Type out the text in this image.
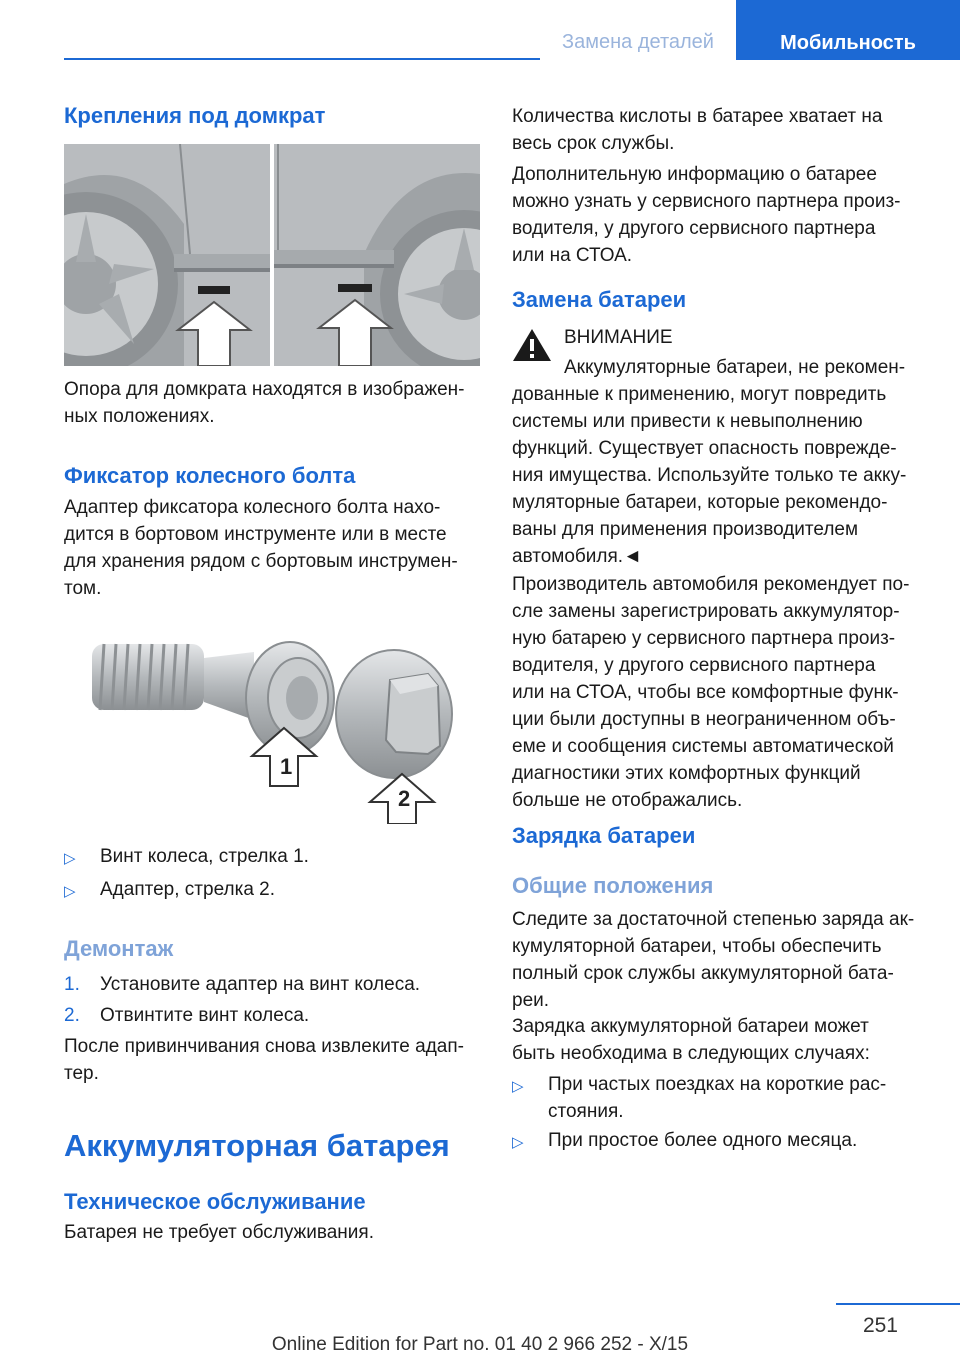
Замена деталей	Мобильность
Крепления под домкрат

Опора для домкрата находятся в изображен‐
ных положениях.

Фиксатор колесного болта

Адаптер фиксатора колесного болта нахо‐
дится в бортовом инструменте или в месте
для хранения рядом с бортовым инструмен‐
том.

1
2

▷ Винт колеса, стрелка 1.

▷ Адаптер, стрелка 2.

Демонтаж

1. Установите адаптер на винт колеса.

2. Отвинтите винт колеса.

После привинчивания снова извлеките адап‐
тер.

Аккумуляторная батарея
Техническое обслуживание

Батарея не требует обслуживания.

Количества кислоты в батарее хватает на
весь срок службы.

Дополнительную информацию о батарее
можно узнать у сервисного партнера произ‐
водителя, у другого сервисного партнера
или на СТОА.

Замена батареи
ВНИМАНИЕ
Аккумуляторные батареи, не рекомен‐
дованные к применению, могут повредить
системы или привести к невыполнению
функций. Существует опасность поврежде‐
ния имущества. Используйте только те акку‐
муляторные батареи, которые рекомендо‐
ваны для применения производителем
автомобиля.◄

Производитель автомобиля рекомендует по‐
сле замены зарегистрировать аккумулятор‐
ную батарею у сервисного партнера произ‐
водителя, у другого сервисного партнера
или на СТОА, чтобы все комфортные функ‐
ции были доступны в неограниченном объ‐
еме и сообщения системы автоматической
диагностики этих комфортных функций
больше не отображались.

Зарядка батареи
Общие положения

Следите за достаточной степенью заряда ак‐
кумуляторной батареи, чтобы обеспечить
полный срок службы аккумуляторной бата‐
реи.

Зарядка аккумуляторной батареи может
быть необходима в следующих случаях:

▷ При частых поездках на короткие рас‐
стояния.

▷ При простое более одного месяца.

251
Online Edition for Part no. 01 40 2 966 252 - X/15
